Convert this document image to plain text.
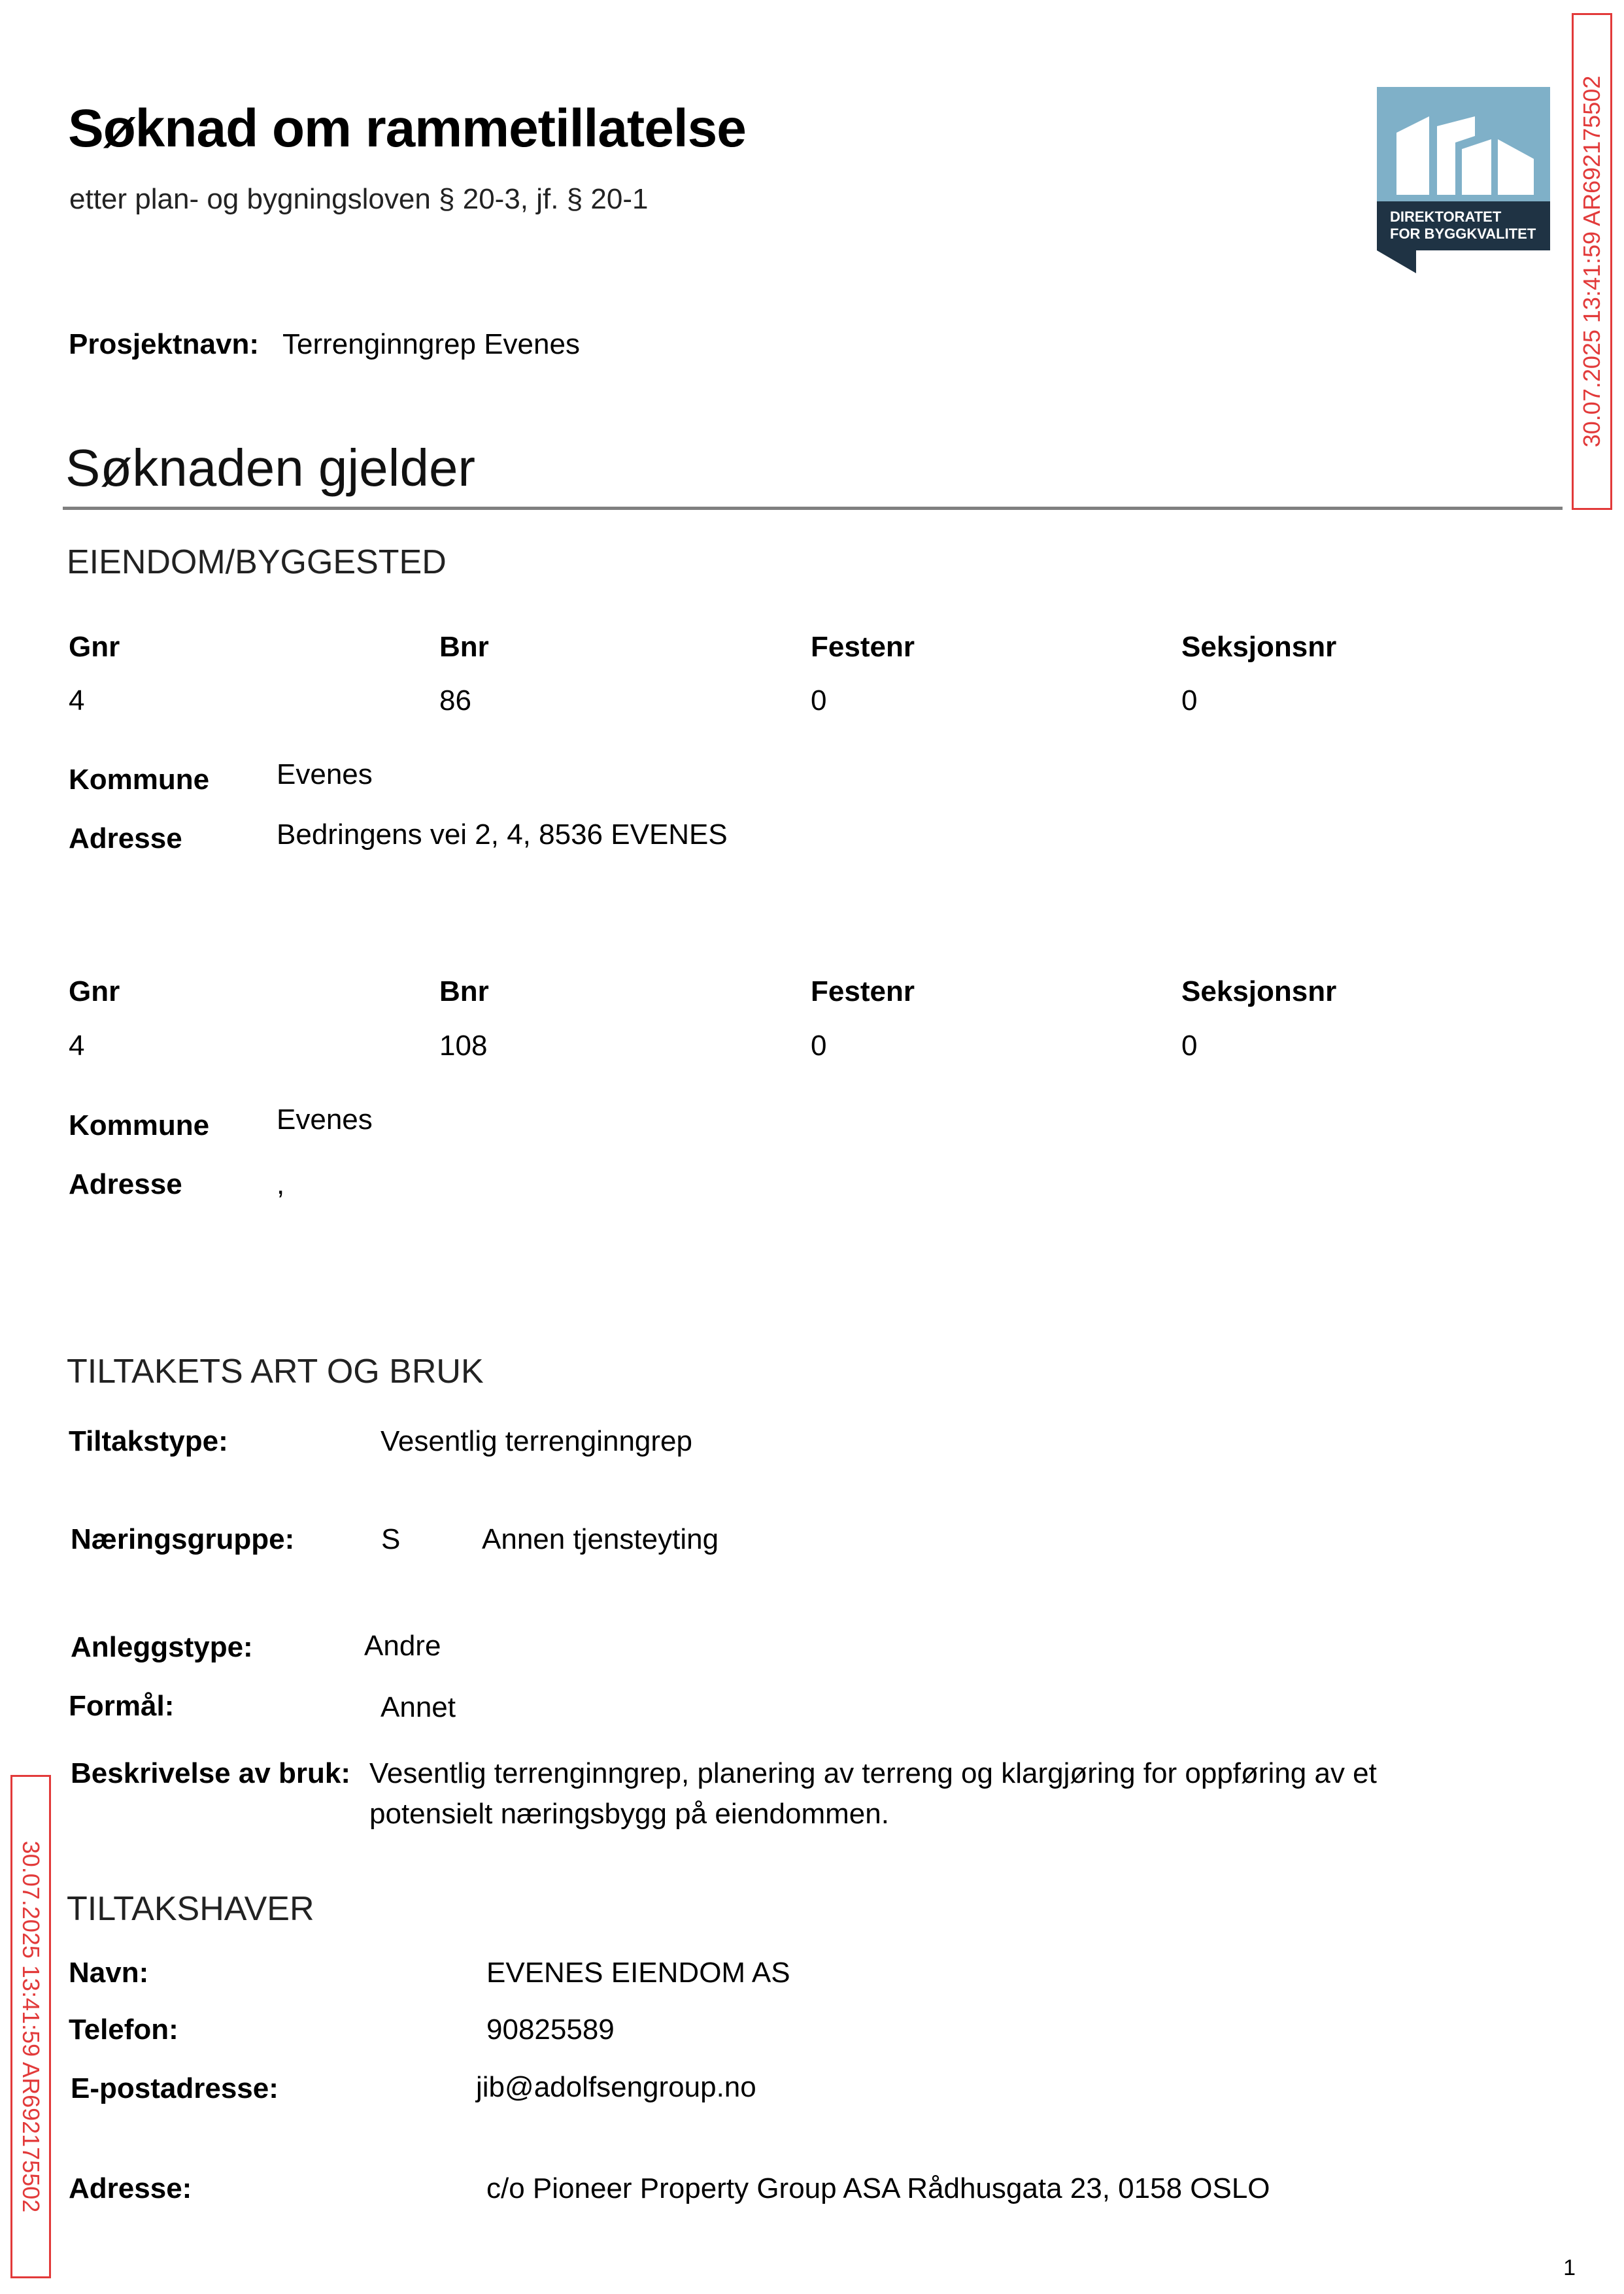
Søknad om rammetillatelse
etter plan- og bygningsloven § 20-3, jf. § 20-1
DIREKTORATET
FOR BYGGKVALITET 30.07.2025 13:41:59 AR692175502
30.07.2025 13:41:59 AR692175502
Prosjektnavn: Terrenginngrep Evenes
Søknaden gjelder
EIENDOM/BYGGESTED
Gnr	Bnr	Festenr	Seksjonsnr
4	86	0	0
Kommune Evenes
Adresse	Bedringens vei 2, 4, 8536 EVENES
Gnr	Bnr	Festenr	Seksjonsnr
4	108	0	0
Kommune Evenes
Adresse	,
TILTAKETS ART OG BRUK
Tiltakstype:	Vesentlig terrenginngrep
Næringsgruppe:	S	Annen tjensteyting
Anleggstype:	Andre
Formål:	Annet
Beskrivelse av bruk: Vesentlig terrenginngrep, planering av terreng og klargjøring for oppføring av et
potensielt næringsbygg på eiendommen.
TILTAKSHAVER
Navn:	EVENES EIENDOM AS
Telefon:	90825589
E-postadresse:	jib@adolfsengroup.no
Adresse:	c/o Pioneer Property Group ASA Rådhusgata 23, 0158 OSLO
1
